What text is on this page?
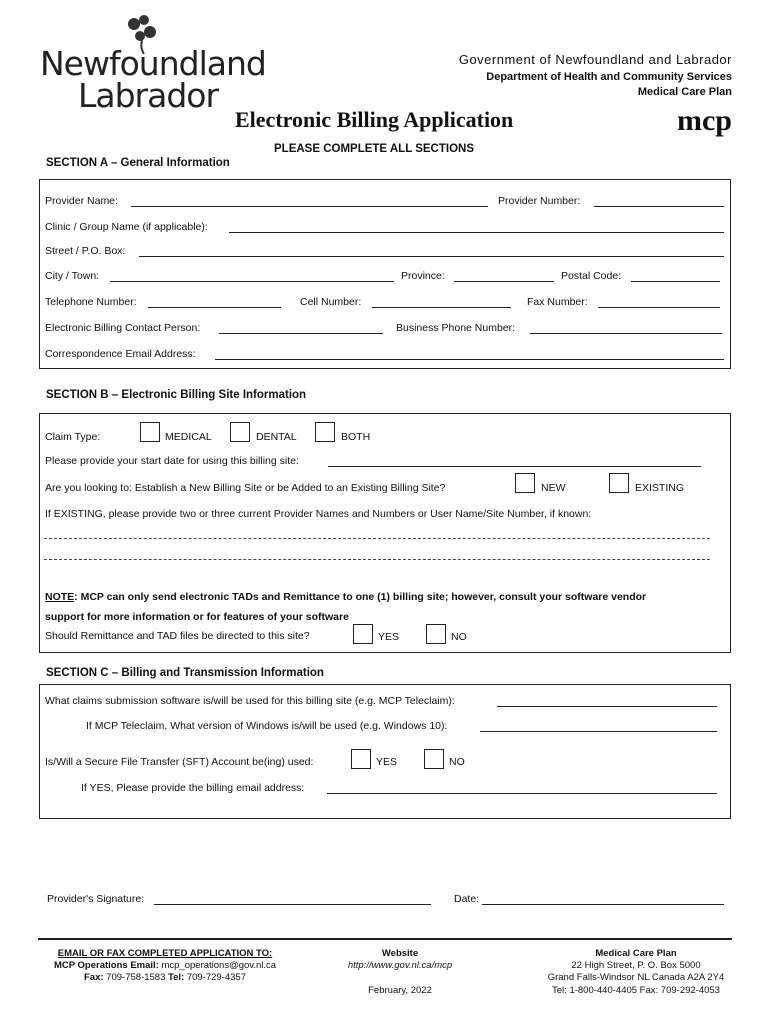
Newfoundland
Labrador
Government of Newfoundland and Labrador
Department of Health and Community Services
Medical Care Plan
Electronic Billing Application	mcp
PLEASE COMPLETE ALL SECTIONS
SECTION A – General Information
Provider Name:	Provider Number:
Clinic / Group Name (if applicable):
Street / P.O. Box:
City / Town:	Province:	Postal Code:
Telephone Number:	Cell Number:	Fax Number:
Electronic Billing Contact Person:	Business Phone Number:
Correspondence Email Address:
SECTION B – Electronic Billing Site Information
Claim Type:	MEDICAL	DENTAL	BOTH
Please provide your start date for using this billing site:
Are you looking to: Establish a New Billing Site or be Added to an Existing Billing Site?	NEW	EXISTING
If EXISTING, please provide two or three current Provider Names and Numbers or User Name/Site Number, if known:
NOTE: MCP can only send electronic TADs and Remittance to one (1) billing site; however, consult your software vendor
support for more information or for features of your software
Should Remittance and TAD files be directed to this site?	YES	NO
SECTION C – Billing and Transmission Information
What claims submission software is/will be used for this billing site (e.g. MCP Teleclaim):
If MCP Teleclaim, What version of Windows is/will be used (e.g. Windows 10):
Is/Will a Secure File Transfer (SFT) Account be(ing) used:	YES	NO
If YES, Please provide the billing email address:
Provider's Signature:	Date:
EMAIL OR FAX COMPLETED APPLICATION TO:
MCP Operations Email: mcp_operations@gov.nl.ca
Fax: 709-758-1583 Tel: 709-729-4357
Website
http://www.gov.nl.ca/mcp
February, 2022
Medical Care Plan
22 High Street, P. O. Box 5000
Grand Falls-Windsor NL Canada A2A 2Y4
Tel: 1-800-440-4405 Fax: 709-292-4053
